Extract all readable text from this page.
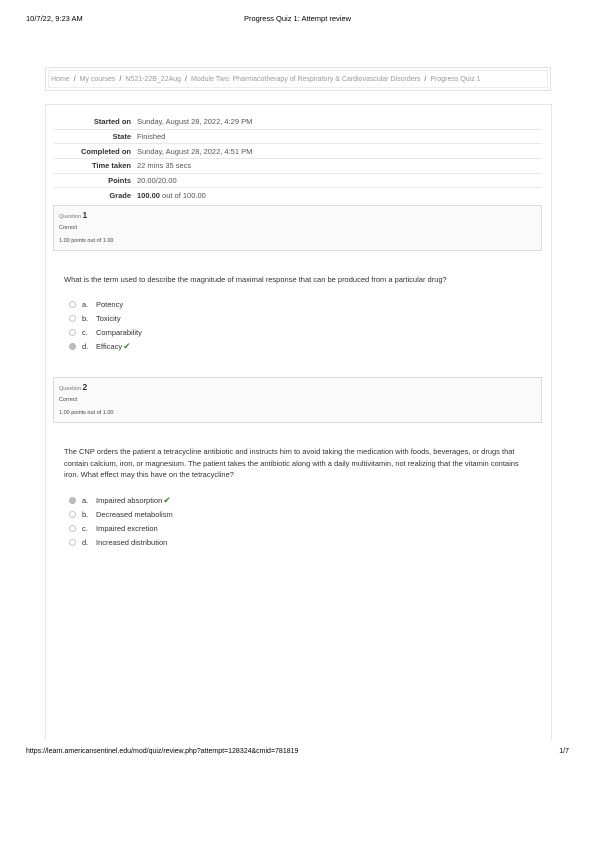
10/7/22, 9:23 AM	Progress Quiz 1: Attempt review
Home / My courses / N521-22B_22Aug / Module Two: Pharmacotherapy of Respiratory & Cardiovascular Disorders / Progress Quiz 1
Started on Sunday, August 28, 2022, 4:29 PM
State Finished
Completed on Sunday, August 28, 2022, 4:51 PM
Time taken 22 mins 35 secs
Points 20.00/20.00
Grade 100.00 out of 100.00
Question 1
Correct
1.00 points out of 1.00
What is the term used to describe the magnitude of maximal response that can be produced from a particular drug?
a.	Potency
b.	Toxicity
c.	Comparability
d.	Efficacy ✔
Question 2
Correct
1.00 points out of 1.00
The CNP orders the patient a tetracycline antibiotic and instructs him to avoid taking the medication with foods, beverages, or drugs that contain calcium, iron, or magnesium. The patient takes the antibiotic along with a daily multivitamin, not realizing that the vitamin contains iron. What effect may this have on the tetracycline?
a.	Impaired absorption ✔
b.	Decreased metabolism
c.	Impaired excretion
d.	Increased distribution
https://learn.americansentinel.edu/mod/quiz/review.php?attempt=128324&cmid=781819	1/7
